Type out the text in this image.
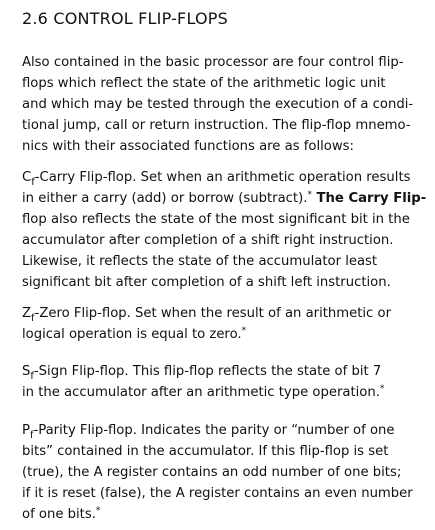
2.6 CONTROL FLIP-FLOPS
Also contained in the basic processor are four control flip-
flops which reflect the state of the arithmetic logic unit
and which may be tested through the execution of a condi-
tional jump, call or return instruction. The flip-flop mnemo-
nics with their associated functions are as follows:
$C_f$-Carry Flip-flop. Set when an arithmetic operation results
in either a carry (add) or borrow (subtract).* The Carry Flip-
flop also reflects the state of the most significant bit in the
accumulator after completion of a shift right instruction.
Likewise, it reflects the state of the accumulator least
significant bit after completion of a shift left instruction.
$Z_f$-Zero Flip-flop. Set when the result of an arithmetic or
logical operation is equal to zero.*
$S_f$-Sign Flip-flop. This flip-flop reflects the state of bit 7
in the accumulator after an arithmetic type operation.*
$P_f$-Parity Flip-flop. Indicates the parity or “number of one
bits” contained in the accumulator. If this flip-flop is set
(true), the A register contains an odd number of one bits;
if it is reset (false), the A register contains an even number
of one bits.*
